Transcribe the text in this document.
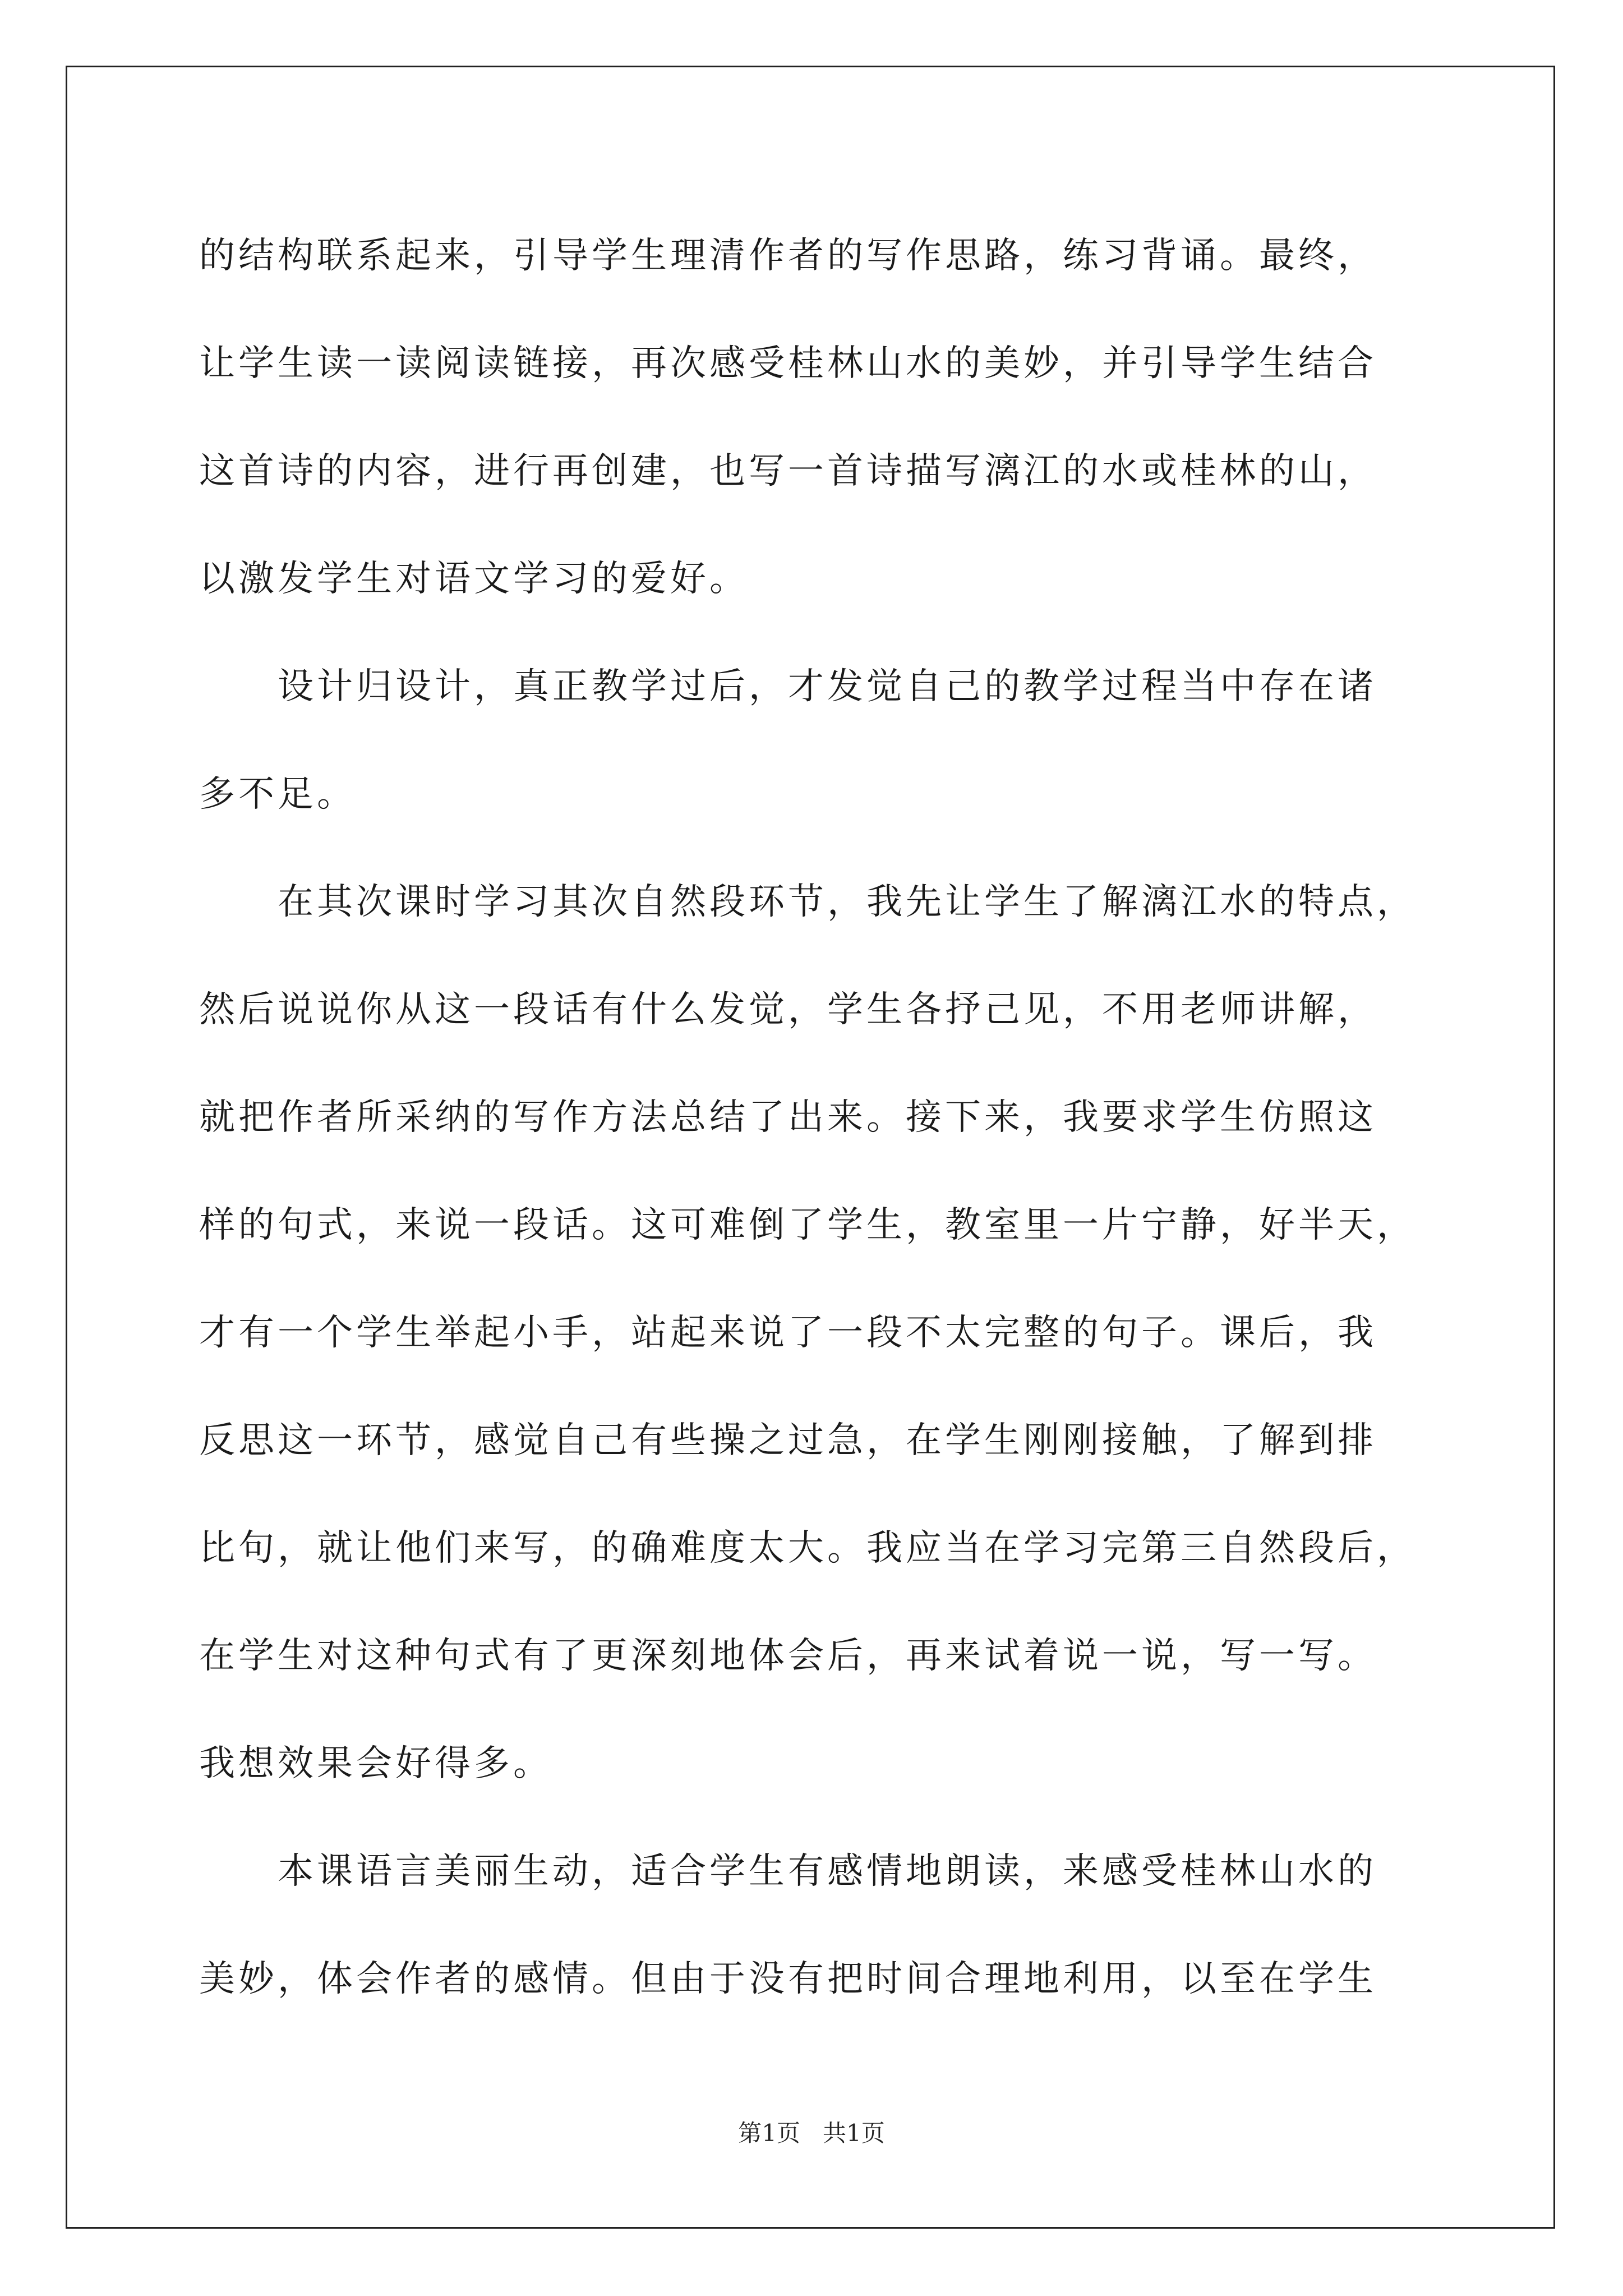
的结构联系起来，引导学生理清作者的写作思路，练习背诵。最终，

让学生读一读阅读链接，再次感受桂林山水的美妙，并引导学生结合

这首诗的内容，进行再创建，也写一首诗描写漓江的水或桂林的山，

以激发学生对语文学习的爱好。

设计归设计，真正教学过后，才发觉自己的教学过程当中存在诸

多不足。

在其次课时学习其次自然段环节，我先让学生了解漓江水的特点，

然后说说你从这一段话有什么发觉，学生各抒己见，不用老师讲解，

就把作者所采纳的写作方法总结了出来。接下来，我要求学生仿照这

样的句式，来说一段话。这可难倒了学生，教室里一片宁静，好半天，

才有一个学生举起小手，站起来说了一段不太完整的句子。课后，我

反思这一环节，感觉自己有些操之过急，在学生刚刚接触，了解到排

比句，就让他们来写，的确难度太大。我应当在学习完第三自然段后，

在学生对这种句式有了更深刻地体会后，再来试着说一说，写一写。

我想效果会好得多。

本课语言美丽生动，适合学生有感情地朗读，来感受桂林山水的

美妙，体会作者的感情。但由于没有把时间合理地利用，以至在学生

第1页 共1页
